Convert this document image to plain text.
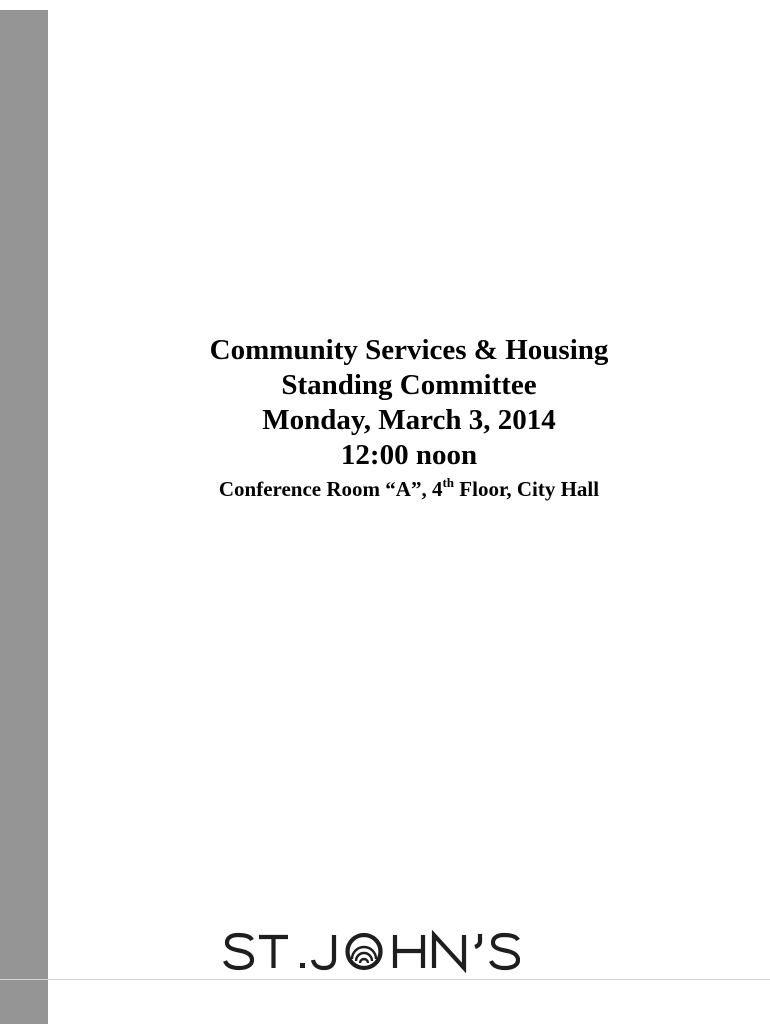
Community Services & Housing
Standing Committee
Monday, March 3, 2014
12:00 noon
Conference Room “A”, 4th Floor, City Hall
